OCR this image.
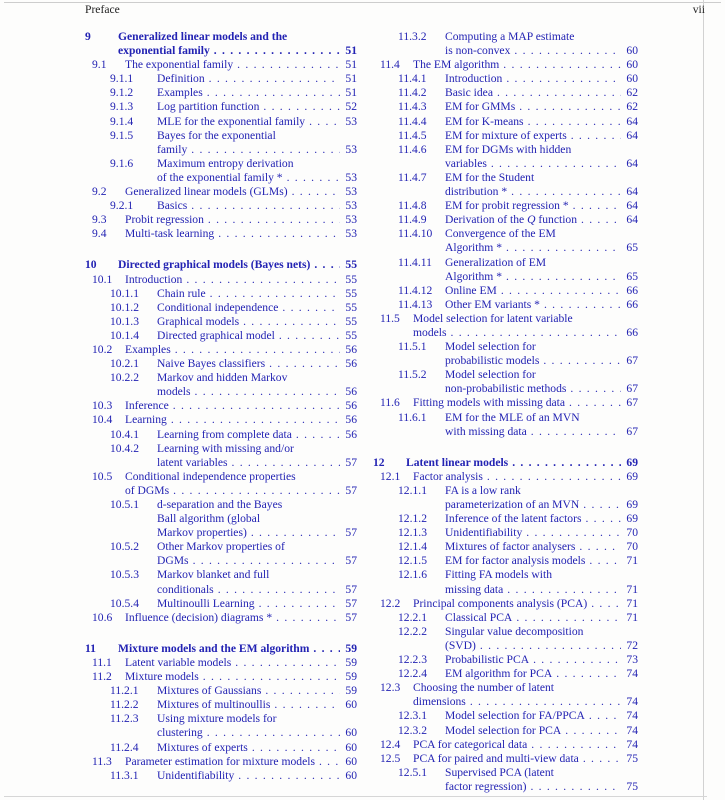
Preface	vii
9	Generalized linear models and the
exponential family . . .	51
9.1	The exponential family . . .	51
9.1.1	Definition . . .	51
9.1.2	Examples . . .	51
9.1.3	Log partition function . . .	52
9.1.4	MLE for the exponential family . . .	53
9.1.5	Bayes for the exponential
family . . .	53
9.1.6	Maximum entropy derivation
of the exponential family * . . .	53
9.2	Generalized linear models (GLMs) . . .	53
9.2.1	Basics . . .	53
9.3	Probit regression . . .	53
9.4	Multi-task learning . . .	53
10	Directed graphical models (Bayes nets) . . .	55
10.1	Introduction . . .	55
10.1.1	Chain rule . . .	55
10.1.2	Conditional independence . . .	55
10.1.3	Graphical models . . .	55
10.1.4	Directed graphical model . . .	55
10.2	Examples . . .	56
10.2.1	Naive Bayes classifiers . . .	56
10.2.2	Markov and hidden Markov
models . . .	56
10.3	Inference . . .	56
10.4	Learning . . .	56
10.4.1	Learning from complete data . . .	56
10.4.2	Learning with missing and/or
latent variables . . .	57
10.5	Conditional independence properties
of DGMs . . .	57
10.5.1	d-separation and the Bayes
Ball algorithm (global
Markov properties) . . .	57
10.5.2	Other Markov properties of
DGMs . . .	57
10.5.3	Markov blanket and full
conditionals . . .	57
10.5.4	Multinoulli Learning . . .	57
10.6	Influence (decision) diagrams * . . .	57
11	Mixture models and the EM algorithm . . .	59
11.1	Latent variable models . . .	59
11.2	Mixture models . . .	59
11.2.1	Mixtures of Gaussians . . .	59
11.2.2	Mixtures of multinoullis . . .	60
11.2.3	Using mixture models for
clustering . . .	60
11.2.4	Mixtures of experts . . .	60
11.3	Parameter estimation for mixture models . . .	60
11.3.1	Unidentifiability . . .	60
11.3.2	Computing a MAP estimate
is non-convex . . .	60
11.4	The EM algorithm . . .	60
11.4.1	Introduction . . .	60
11.4.2	Basic idea . . .	62
11.4.3	EM for GMMs . . .	62
11.4.4	EM for K-means . . .	64
11.4.5	EM for mixture of experts . . .	64
11.4.6	EM for DGMs with hidden
variables . . .	64
11.4.7	EM for the Student
distribution * . . .	64
11.4.8	EM for probit regression * . . .	64
11.4.9	Derivation of the Q function . . .	64
11.4.10	Convergence of the EM
Algorithm * . . .	65
11.4.11	Generalization of EM
Algorithm * . . .	65
11.4.12	Online EM . . .	66
11.4.13	Other EM variants * . . .	66
11.5	Model selection for latent variable
models . . .	66
11.5.1	Model selection for
probabilistic models . . .	67
11.5.2	Model selection for
non-probabilistic methods . . .	67
11.6	Fitting models with missing data . . .	67
11.6.1	EM for the MLE of an MVN
with missing data . . .	67
12	Latent linear models . . .	69
12.1	Factor analysis . . .	69
12.1.1	FA is a low rank
parameterization of an MVN . . .	69
12.1.2	Inference of the latent factors . . .	69
12.1.3	Unidentifiability . . .	70
12.1.4	Mixtures of factor analysers . . .	70
12.1.5	EM for factor analysis models . . .	71
12.1.6	Fitting FA models with
missing data . . .	71
12.2	Principal components analysis (PCA) . . .	71
12.2.1	Classical PCA . . .	71
12.2.2	Singular value decomposition
(SVD) . . .	72
12.2.3	Probabilistic PCA . . .	73
12.2.4	EM algorithm for PCA . . .	74
12.3	Choosing the number of latent
dimensions . . .	74
12.3.1	Model selection for FA/PPCA . . .	74
12.3.2	Model selection for PCA . . .	74
12.4	PCA for categorical data . . .	74
12.5	PCA for paired and multi-view data . . .	75
12.5.1	Supervised PCA (latent
factor regression) . . .	75
